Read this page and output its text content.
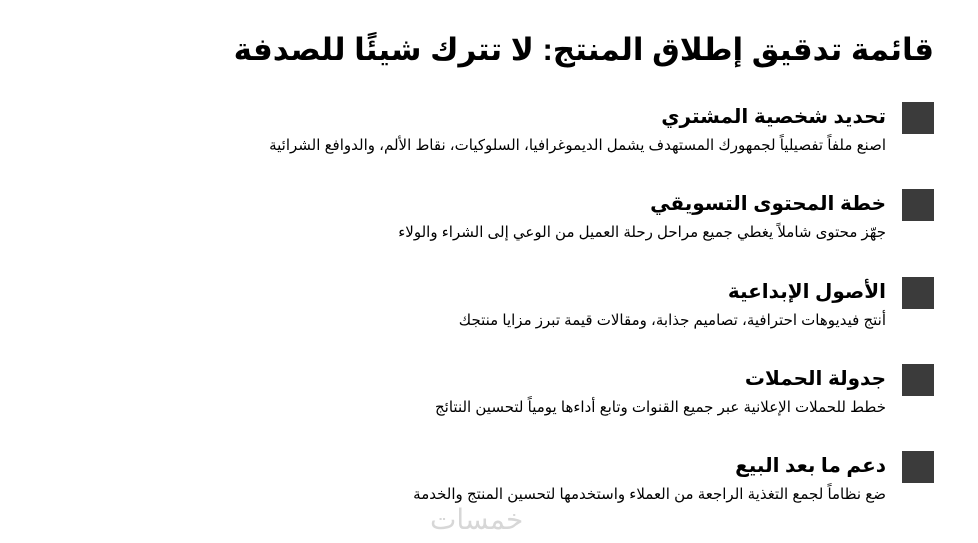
قائمة تدقيق إطلاق المنتج: لا تترك شيئًا للصدفة
تحديد شخصية المشتري
اصنع ملفاً تفصيلياً لجمهورك المستهدف يشمل الديموغرافيا، السلوكيات، نقاط الألم، والدوافع الشرائية
خطة المحتوى التسويقي
جهّز محتوى شاملاً يغطي جميع مراحل رحلة العميل من الوعي إلى الشراء والولاء
الأصول الإبداعية
أنتج فيديوهات احترافية، تصاميم جذابة، ومقالات قيمة تبرز مزايا منتجك
جدولة الحملات
خطط للحملات الإعلانية عبر جميع القنوات وتابع أداءها يومياً لتحسين النتائج
دعم ما بعد البيع
ضع نظاماً لجمع التغذية الراجعة من العملاء واستخدمها لتحسين المنتج والخدمة
خمسات
